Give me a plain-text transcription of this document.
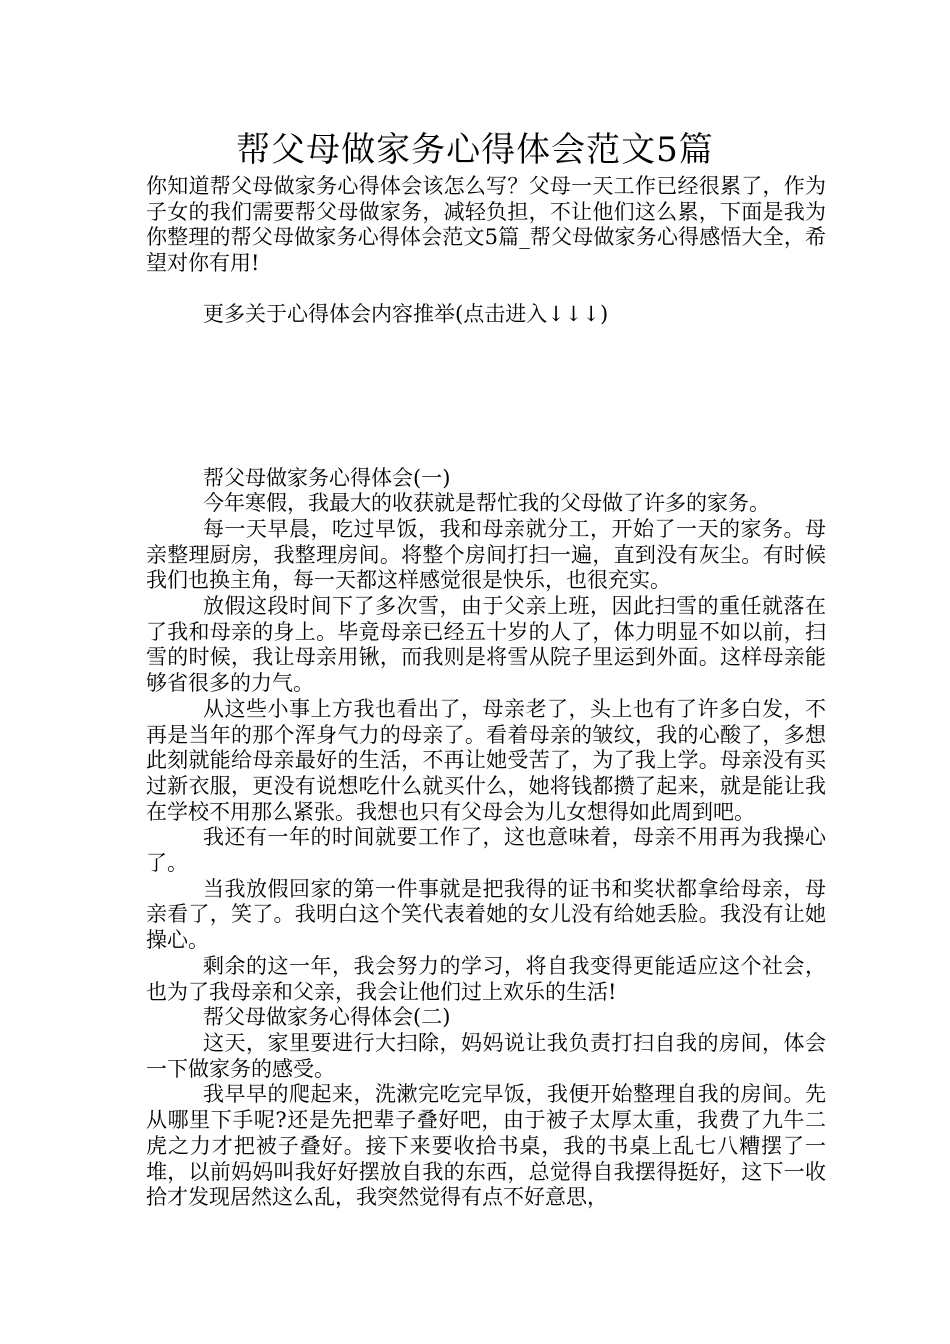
帮父母做家务心得体会范文5篇

你知道帮父母做家务心得体会该怎么写？父母一天工作已经很累了，作为子女的我们需要帮父母做家务，减轻负担，不让他们这么累，下面是我为你整理的帮父母做家务心得体会范文5篇_帮父母做家务心得感悟大全，希望对你有用!

更多关于心得体会内容推举(点击进入↓↓↓)

帮父母做家务心得体会(一)

今年寒假，我最大的收获就是帮忙我的父母做了许多的家务。

每一天早晨，吃过早饭，我和母亲就分工，开始了一天的家务。母亲整理厨房，我整理房间。将整个房间打扫一遍，直到没有灰尘。有时候我们也换主角，每一天都这样感觉很是快乐，也很充实。

放假这段时间下了多次雪，由于父亲上班，因此扫雪的重任就落在了我和母亲的身上。毕竟母亲已经五十岁的人了，体力明显不如以前，扫雪的时候，我让母亲用锹，而我则是将雪从院子里运到外面。这样母亲能够省很多的力气。

从这些小事上方我也看出了，母亲老了，头上也有了许多白发，不再是当年的那个浑身气力的母亲了。看着母亲的皱纹，我的心酸了，多想此刻就能给母亲最好的生活，不再让她受苦了，为了我上学。母亲没有买过新衣服，更没有说想吃什么就买什么，她将钱都攒了起来，就是能让我在学校不用那么紧张。我想也只有父母会为儿女想得如此周到吧。

我还有一年的时间就要工作了，这也意味着，母亲不用再为我操心了。

当我放假回家的第一件事就是把我得的证书和奖状都拿给母亲，母亲看了，笑了。我明白这个笑代表着她的女儿没有给她丢脸。我没有让她操心。

剩余的这一年，我会努力的学习，将自我变得更能适应这个社会，也为了我母亲和父亲，我会让他们过上欢乐的生活!

帮父母做家务心得体会(二)

这天，家里要进行大扫除，妈妈说让我负责打扫自我的房间，体会一下做家务的感受。

我早早的爬起来，洗漱完吃完早饭，我便开始整理自我的房间。先从哪里下手呢?还是先把辈子叠好吧，由于被子太厚太重，我费了九牛二虎之力才把被子叠好。接下来要收拾书桌，我的书桌上乱七八糟摆了一堆，以前妈妈叫我好好摆放自我的东西，总觉得自我摆得挺好，这下一收拾才发现居然这么乱，我突然觉得有点不好意思，
